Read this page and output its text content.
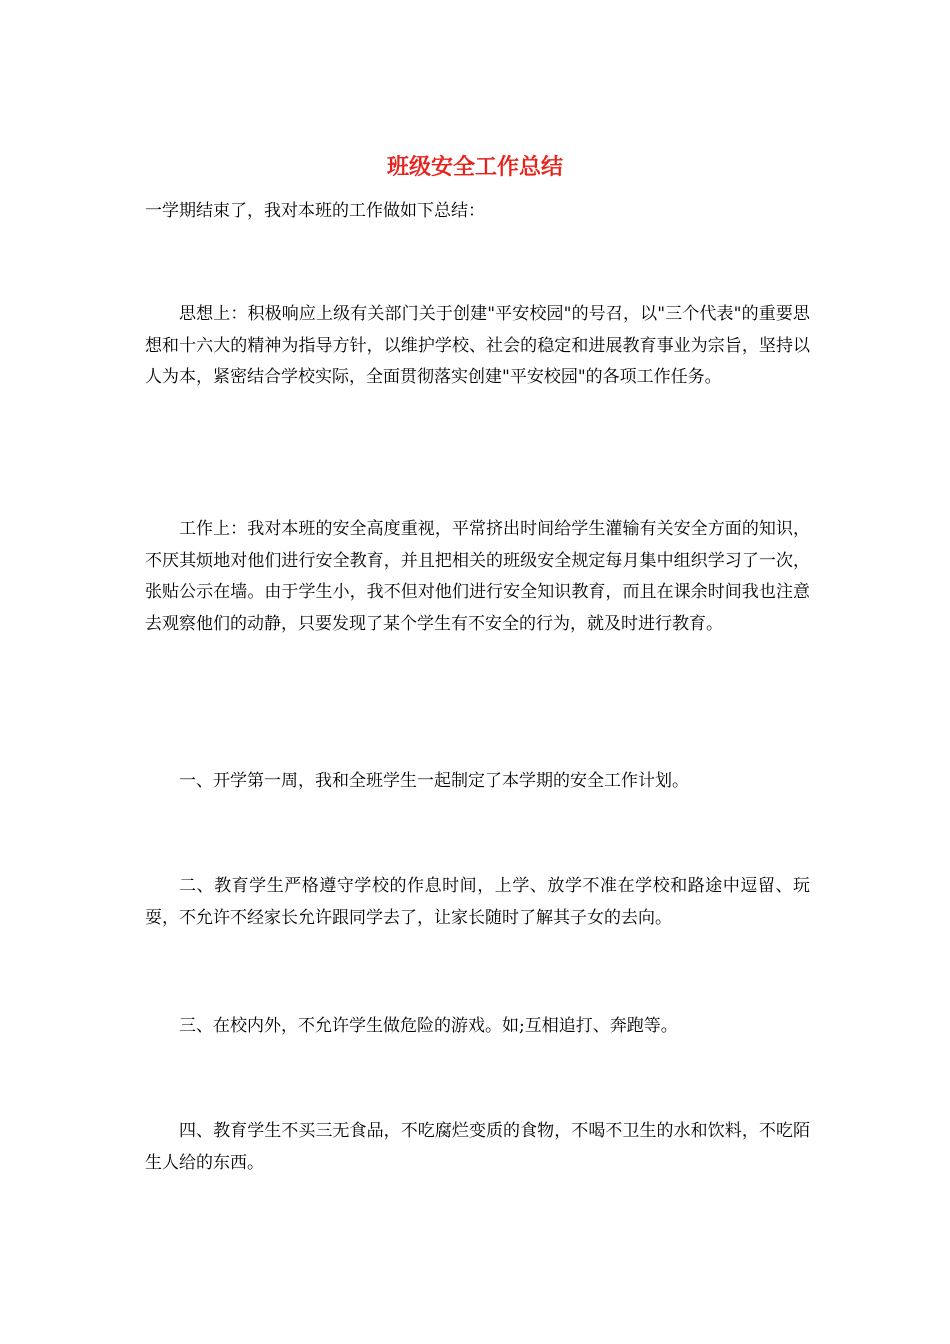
班级安全工作总结

一学期结束了，我对本班的工作做如下总结：

思想上：积极响应上级有关部门关于创建"平安校园"的号召，以"三个代表"的重要思想和十六大的精神为指导方针，以维护学校、社会的稳定和进展教育事业为宗旨，坚持以人为本，紧密结合学校实际，全面贯彻落实创建"平安校园"的各项工作任务。

工作上：我对本班的安全高度重视，平常挤出时间给学生灌输有关安全方面的知识，不厌其烦地对他们进行安全教育，并且把相关的班级安全规定每月集中组织学习了一次，张贴公示在墙。由于学生小，我不但对他们进行安全知识教育，而且在课余时间我也注意去观察他们的动静，只要发现了某个学生有不安全的行为，就及时进行教育。

一、开学第一周，我和全班学生一起制定了本学期的安全工作计划。

二、教育学生严格遵守学校的作息时间，上学、放学不准在学校和路途中逗留、玩耍，不允许不经家长允许跟同学去了，让家长随时了解其子女的去向。

三、在校内外，不允许学生做危险的游戏。如;互相追打、奔跑等。

四、教育学生不买三无食品，不吃腐烂变质的食物，不喝不卫生的水和饮料，不吃陌生人给的东西。
